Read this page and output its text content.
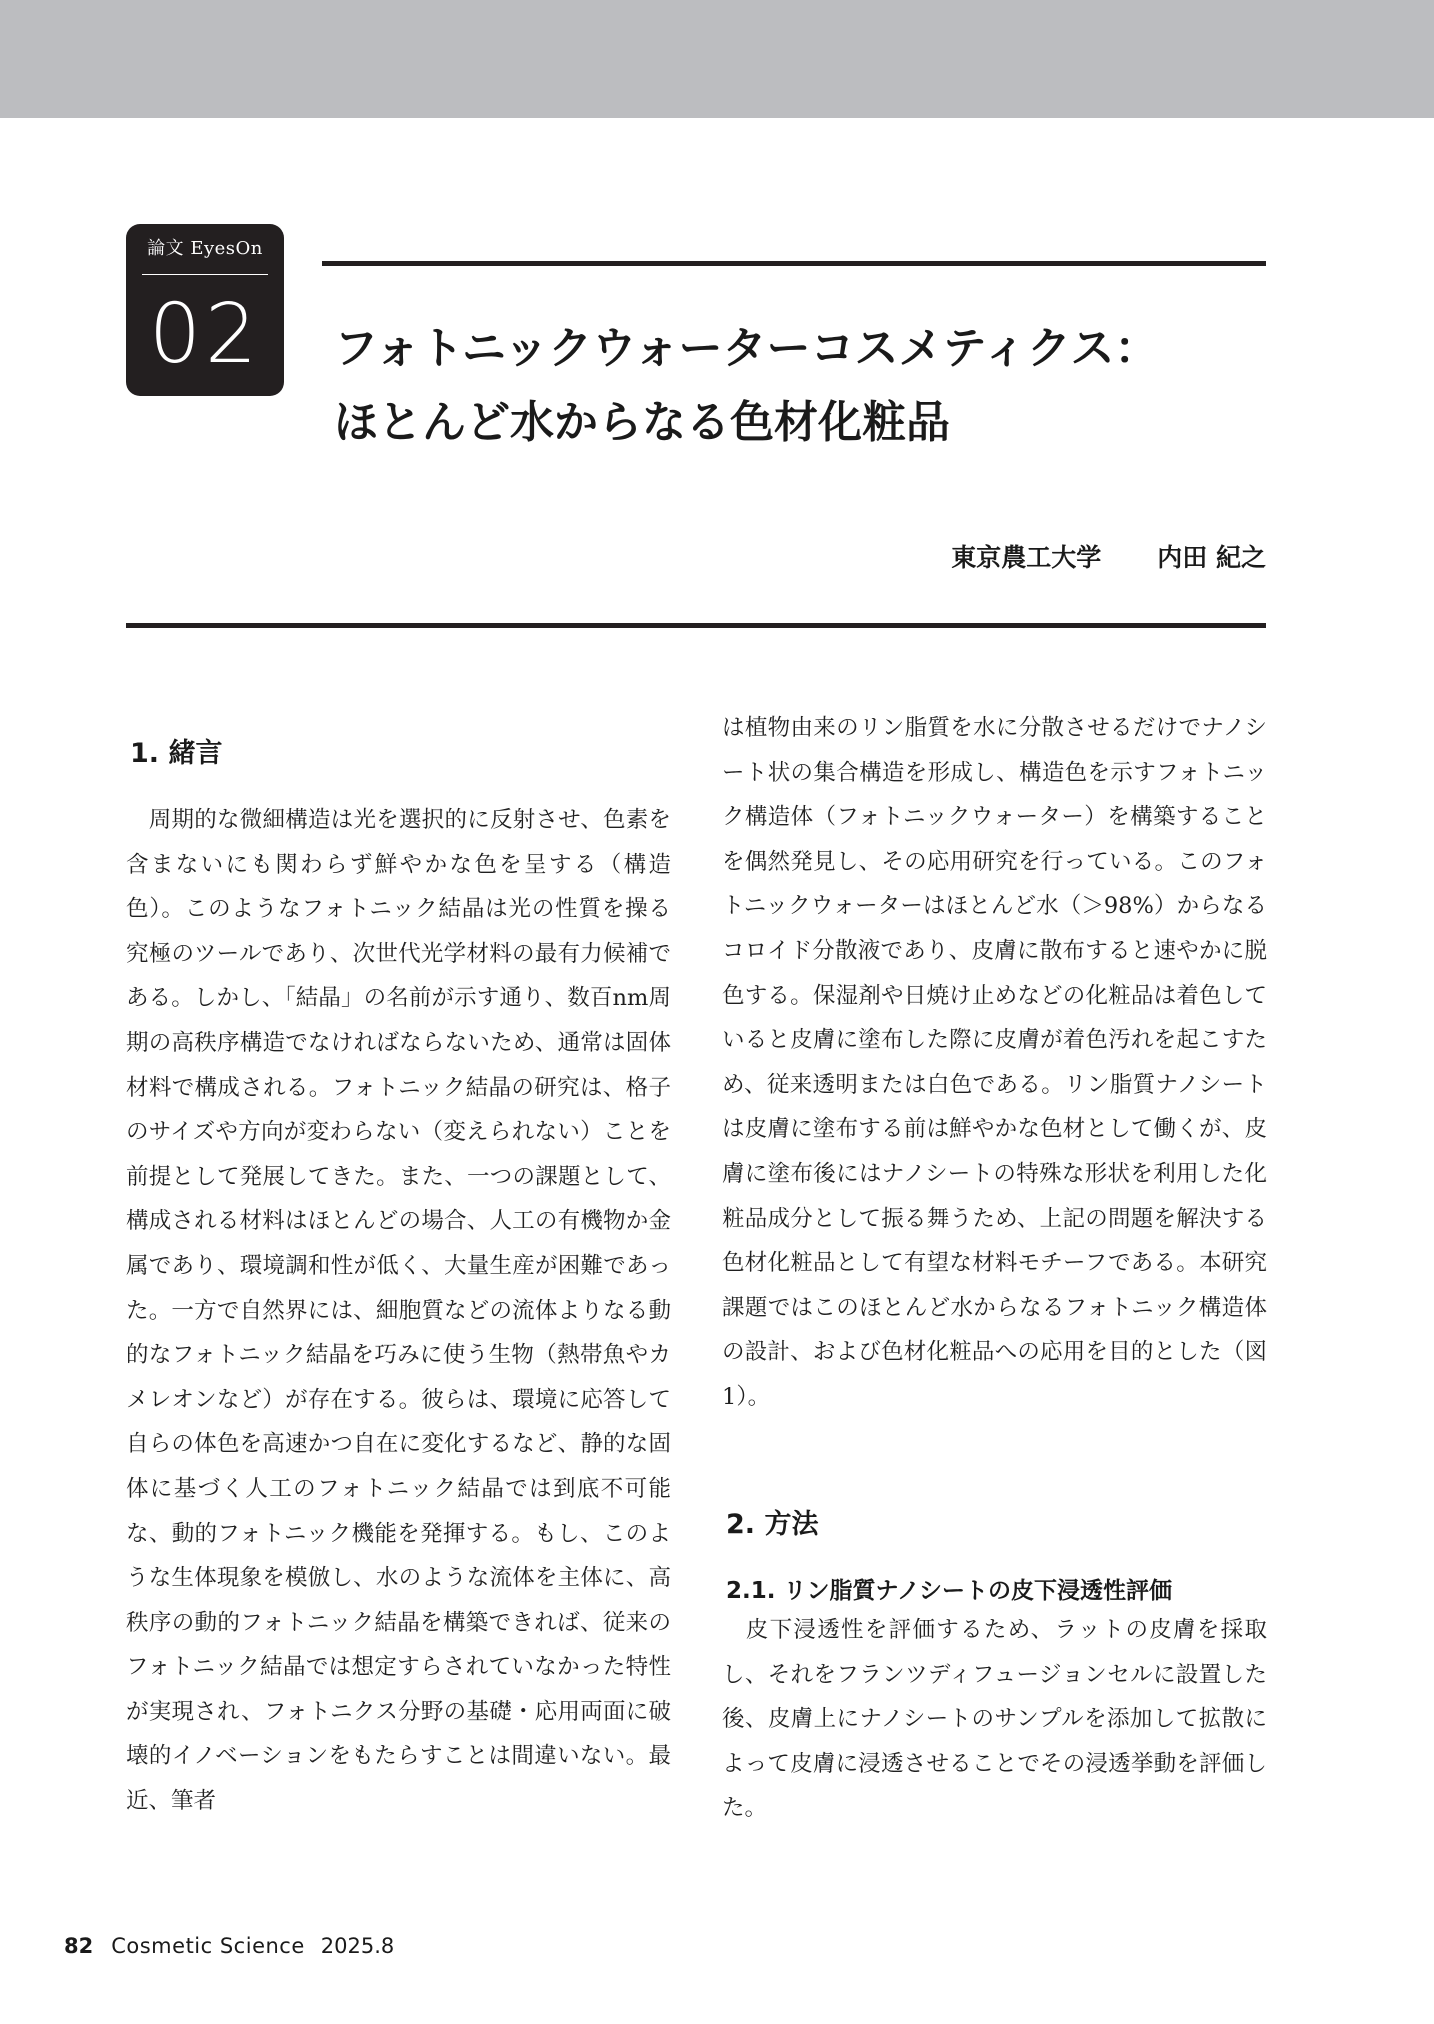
論文 EyesOn
02	フォトニックウォーターコスメティクス：
ほとんど水からなる色材化粧品
東京農工大学 内田 紀之
1. 緒言

　周期的な微細構造は光を選択的に反射させ、色素を含まないにも関わらず鮮やかな色を呈する（構造色）。このようなフォトニック結晶は光の性質を操る究極のツールであり、次世代光学材料の最有力候補である。しかし、「結晶」の名前が示す通り、数百nm周期の高秩序構造でなければならないため、通常は固体材料で構成される。フォトニック結晶の研究は、格子のサイズや方向が変わらない（変えられない）ことを前提として発展してきた。また、一つの課題として、構成される材料はほとんどの場合、人工の有機物か金属であり、環境調和性が低く、大量生産が困難であった。一方で自然界には、細胞質などの流体よりなる動的なフォトニック結晶を巧みに使う生物（熱帯魚やカメレオンなど）が存在する。彼らは、環境に応答して自らの体色を高速かつ自在に変化するなど、静的な固体に基づく人工のフォトニック結晶では到底不可能な、動的フォトニック機能を発揮する。もし、このような生体現象を模倣し、水のような流体を主体に、高秩序の動的フォトニック結晶を構築できれば、従来のフォトニック結晶では想定すらされていなかった特性が実現され、フォトニクス分野の基礎・応用両面に破壊的イノベーションをもたらすことは間違いない。最近、筆者

は植物由来のリン脂質を水に分散させるだけでナノシート状の集合構造を形成し、構造色を示すフォトニック構造体（フォトニックウォーター）を構築することを偶然発見し、その応用研究を行っている。このフォトニックウォーターはほとんど水（＞98%）からなるコロイド分散液であり、皮膚に散布すると速やかに脱色する。保湿剤や日焼け止めなどの化粧品は着色していると皮膚に塗布した際に皮膚が着色汚れを起こすため、従来透明または白色である。リン脂質ナノシートは皮膚に塗布する前は鮮やかな色材として働くが、皮膚に塗布後にはナノシートの特殊な形状を利用した化粧品成分として振る舞うため、上記の問題を解決する色材化粧品として有望な材料モチーフである。本研究課題ではこのほとんど水からなるフォトニック構造体の設計、および色材化粧品への応用を目的とした（図1）。

2. 方法
2.1. リン脂質ナノシートの皮下浸透性評価

　皮下浸透性を評価するため、ラットの皮膚を採取し、それをフランツディフュージョンセルに設置した後、皮膚上にナノシートのサンプルを添加して拡散によって皮膚に浸透させることでその浸透挙動を評価した。

82 Cosmetic Science 2025.8
